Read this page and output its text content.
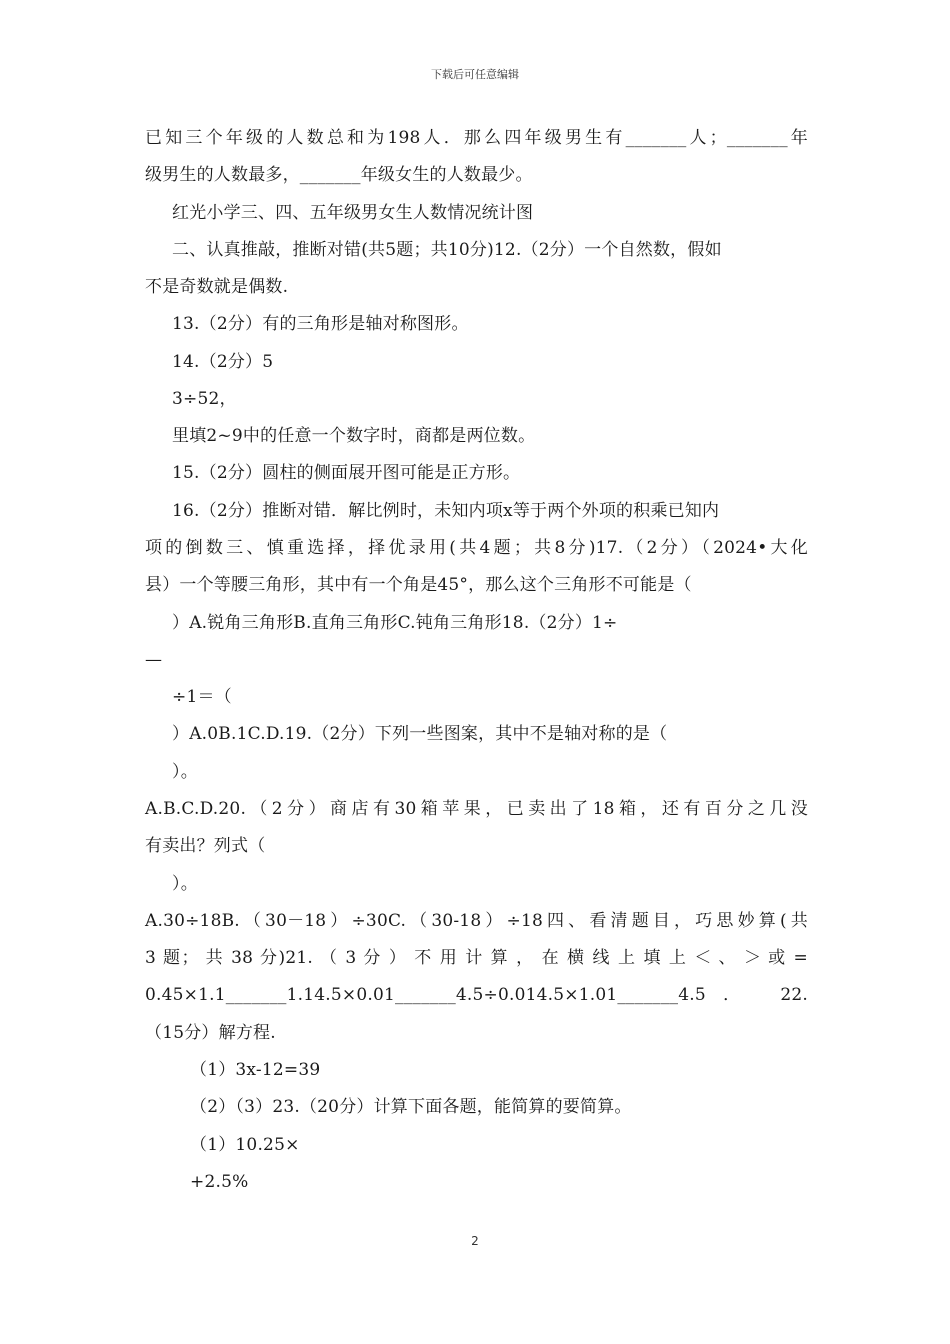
下载后可任意编辑
已知三个年级的人数总和为198人．那么四年级男生有_______人；_______年
级男生的人数最多，_______年级女生的人数最少。
红光小学三、四、五年级男女生人数情况统计图
二、认真推敲，推断对错(共5题；共10分)12.（2分）一个自然数，假如
不是奇数就是偶数.
13.（2分）有的三角形是轴对称图形。
14.（2分）5
3÷52，
里填2~9中的任意一个数字时，商都是两位数。
15.（2分）圆柱的侧面展开图可能是正方形。
16.（2分）推断对错．解比例时，未知内项x等于两个外项的积乘已知内
项的倒数三、慎重选择，择优录用(共4题；共8分)17.（2分）（2024•大化
县）一个等腰三角形，其中有一个角是45°，那么这个三角形不可能是（
）A.锐角三角形B.直角三角形C.钝角三角形18.（2分）1÷
—
÷1＝（
）A.0B.1C.D.19.（2分）下列一些图案，其中不是轴对称的是（
）。
A.B.C.D.20.（2分）商店有30箱苹果，已卖出了18箱，还有百分之几没
有卖出？列式（
）。
A.30÷18B.（30－18）÷30C.（30-18）÷18四、看清题目，巧思妙算(共
3 题； 共 38 分)21. （ 3 分 ） 不 用 计 算 ， 在 横 线 上 填 上 ＜ 、 ＞ 或 =
0.45×1.1_______1.14.5×0.01_______4.5÷0.014.5×1.01_______4.5． 22.
（15分）解方程.
（1）3x-12=39
（2）（3）23.（20分）计算下面各题，能简算的要简算。
（1）10.25×
+2.5%
2
